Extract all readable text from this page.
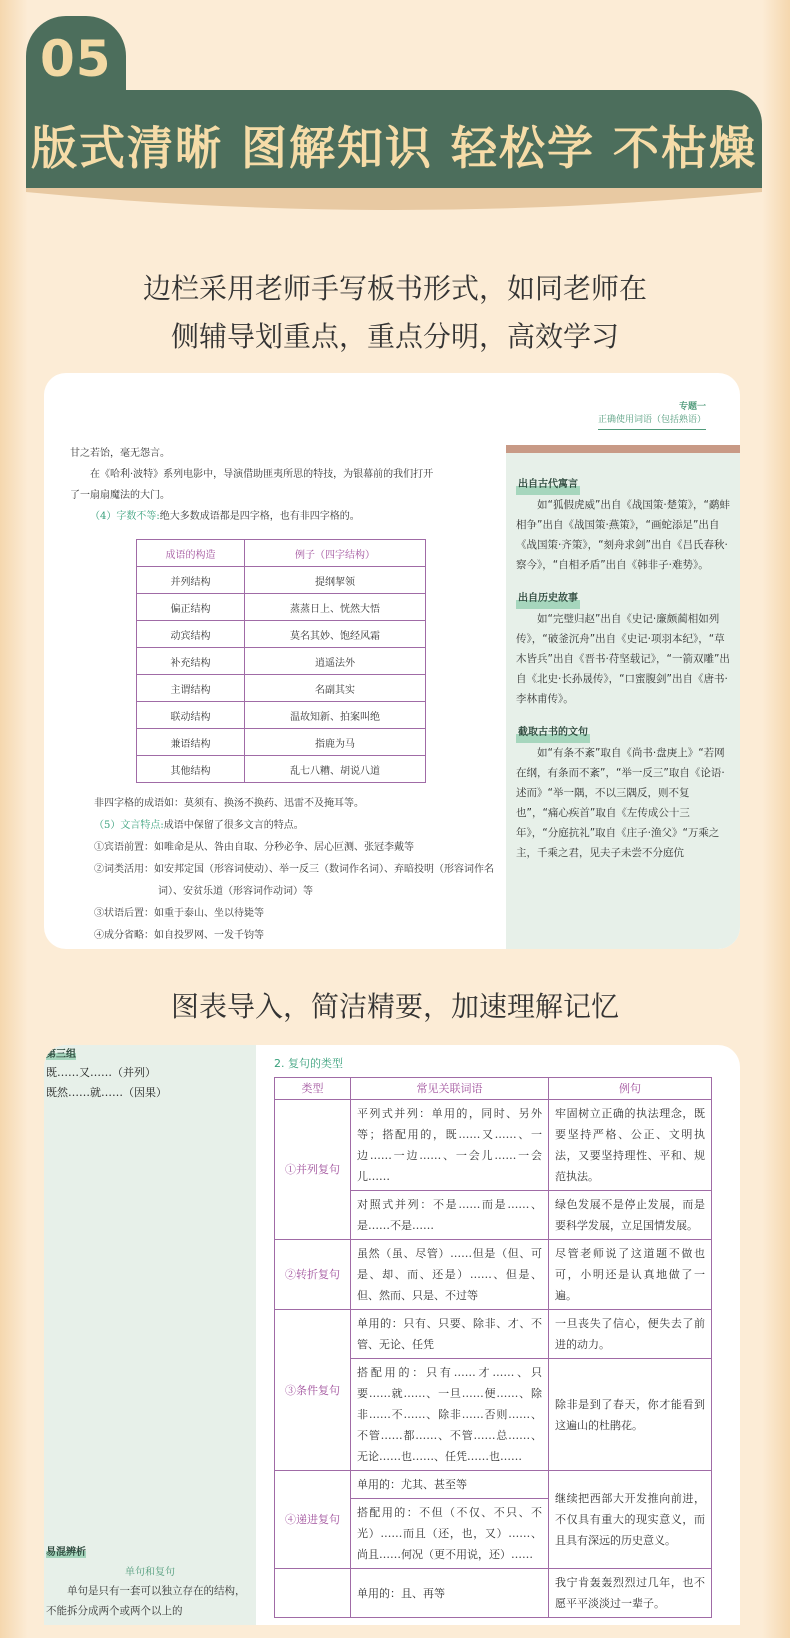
05
版式清晰 图解知识 轻松学 不枯燥
边栏采用老师手写板书形式，如同老师在
侧辅导划重点，重点分明，高效学习
专题一
正确使用词语（包括熟语）
甘之若饴，毫无怨言。
　　在《哈利·波特》系列电影中，导演借助匪夷所思的特技，为银幕前的我们打开
了一扇扇魔法的大门。
（4）字数不等:绝大多数成语都是四字格，也有非四字格的。
成语的构造	例子（四字结构）
并列结构	提纲挈领
偏正结构	蒸蒸日上、恍然大悟
动宾结构	莫名其妙、饱经风霜
补充结构	逍遥法外
主谓结构	名副其实
联动结构	温故知新、拍案叫绝
兼语结构	指鹿为马
其他结构	乱七八糟、胡说八道
非四字格的成语如：莫须有、换汤不换药、迅雷不及掩耳等。
（5）文言特点:成语中保留了很多文言的特点。
①宾语前置：如唯命是从、咎由自取、分秒必争、居心叵测、张冠李戴等
②词类活用：如安邦定国（形容词使动）、举一反三（数词作名词）、弃暗投明（形容词作名词）、安贫乐道（形容词作动词）等
③状语后置：如重于泰山、坐以待毙等
④成分省略：如自投罗网、一发千钧等
出自古代寓言
如“狐假虎威”出自《战国策·楚策》，“鹬蚌相争”出自《战国策·燕策》，“画蛇添足”出自《战国策·齐策》，“刻舟求剑”出自《吕氏春秋·察今》，“自相矛盾”出自《韩非子·难势》。
出自历史故事
如“完璧归赵”出自《史记·廉颇蔺相如列传》，“破釜沉舟”出自《史记·项羽本纪》，“草木皆兵”出自《晋书·苻坚载记》，“一箭双雕”出自《北史·长孙晟传》，“口蜜腹剑”出自《唐书·李林甫传》。
截取古书的文句
如“有条不紊”取自《尚书·盘庚上》“若网在纲，有条而不紊”，“举一反三”取自《论语·述而》“举一隅，不以三隅反，则不复也”，“痛心疾首”取自《左传成公十三年》，“分庭抗礼”取自《庄子·渔父》“万乘之主，千乘之君，见夫子未尝不分庭伉
图表导入，简洁精要，加速理解记忆
第三组
既……又……（并列）
既然……就……（因果）
易混辨析
单句和复句
单句是只有一套可以独立存在的结构，不能拆分成两个或两个以上的
2. 复句的类型
类型	常见关联词语	例句
①并列复句	平列式并列：单用的，同时、另外等；搭配用的，既……又……、一边……一边……、一会儿……一会儿……	牢固树立正确的执法理念，既要坚持严格、公正、文明执法，又要坚持理性、平和、规范执法。
	对照式并列：不是……而是……、是……不是……	绿色发展不是停止发展，而是要科学发展，立足国情发展。
②转折复句	虽然（虽、尽管）……但是（但、可是、却、而、还是）……、但是、但、然而、只是、不过等	尽管老师说了这道题不做也可，小明还是认真地做了一遍。
③条件复句	单用的：只有、只要、除非、才、不管、无论、任凭	一旦丧失了信心，便失去了前进的动力。
	搭配用的：只有……才……、只要……就……、一旦……便……、除非……不……、除非……否则……、不管……都……、不管……总……、无论……也……、任凭……也……	除非是到了春天，你才能看到这遍山的杜鹃花。
④递进复句	单用的：尤其、甚至等	继续把西部大开发推向前进，不仅具有重大的现实意义，而且具有深远的历史意义。
	搭配用的：不但（不仅、不只、不光）……而且（还，也，又）……、尚且……何况（更不用说，还）……	
	单用的：且、再等	我宁肯轰轰烈烈过几年，也不愿平平淡淡过一辈子。
